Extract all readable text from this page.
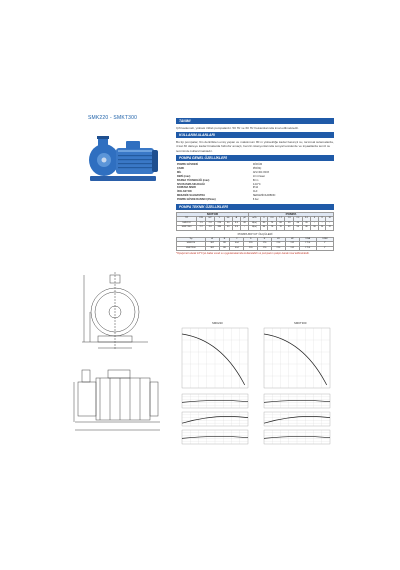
SMK220 - SMKT300	TANIMI
Çift kademeli, yüksek irtifalı pompalardır. 50 Hz ve 60 Hz frekanslarında imal edilmektedir.
KULLANIM ALANLARI
Bu tip pompalar, 6m derinlikten emiş yapan ve maksimum 80 m yüksekliğe kadar basınçlı su, tarımsal sulamalarda, 4 kat 30 daireye kadar binalarda hidrofor amaçlı, benzin istasyonlarında sosyal tesislerde ve inşaatlarda temiz su temininde kullanılmaktadır.
POMPA GENEL ÖZELLİKLERİ
POMPA GÖVDESİ	DÖKÜM
ÇARK	PİRİNÇ
MİL	AISI 304 INOX
DEBİ (max)	10 m³/saat
BASMA YÜKSEKLİĞİ (max)	80 m
SIVI BASMA SICAKLIĞI	0-40°C
KORUMA SINIFI	IP44
İZOLASYON	CLF
MEKANİK SALMASTRA	SERAMİK/KARBON
POMPA GÖVDE BASINCI (Pmax)	8 bar
POMPA TEKNİK ÖZELLİKLERİ
MOTOR							POMPA									
TİP	KW	HP	V	Hz	A	μF	m³/h	0	0.6	1.2	1.8	2.4	3.0	6	8	10
SMK220	1.5	2.0	220	50	9.4	40	H(m)	80	74	66	55	46	35	-	-	-
SMKT300	2.2	3.0	380	50	4.8	-	H(m)	84	78	70	62	54	46	36	24	12
POMPA BOYUT ÖLÇÜLERİ
Tip	A	B	C	D	E	H1	H2	DNA	DNM
SMK220	362	88	404	220	176	210	132	1"1/4	1"
SMKT300	362	88	404	220	176	210	132	1"1/4	1"
*Opsiyonel olarak 10°C'ye kadar sıcak su uygulamalarında kullanılabilir ve pompanın çalıştı ıkarak imal edilmektedir.
SMK220	SMKT300
